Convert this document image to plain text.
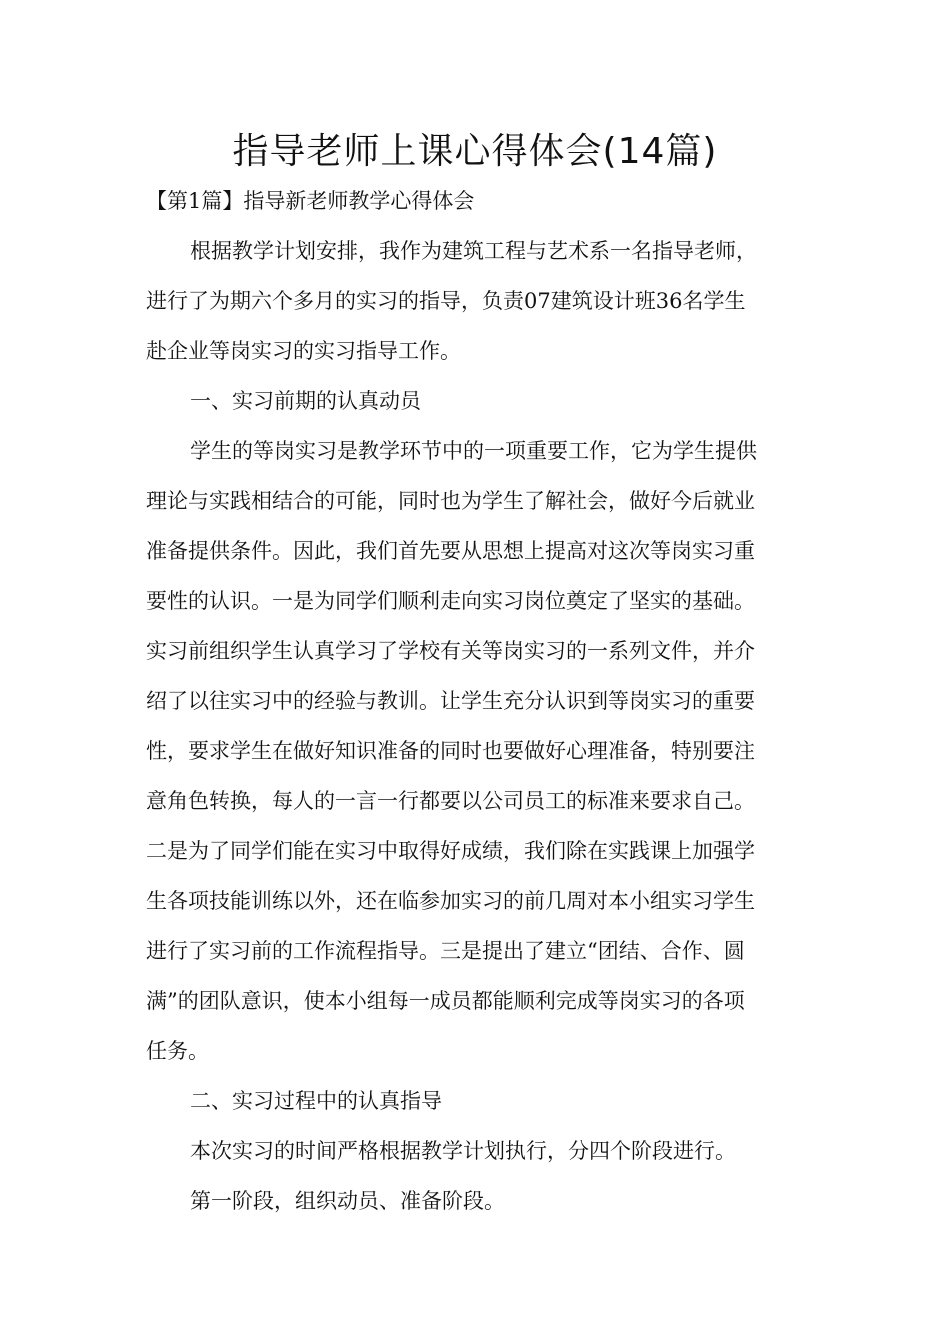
指导老师上课心得体会(14篇)
【第1篇】指导新老师教学心得体会
根据教学计划安排，我作为建筑工程与艺术系一名指导老师，
进行了为期六个多月的实习的指导，负责07建筑设计班36名学生
赴企业等岗实习的实习指导工作。
一、实习前期的认真动员
学生的等岗实习是教学环节中的一项重要工作，它为学生提供
理论与实践相结合的可能，同时也为学生了解社会，做好今后就业
准备提供条件。因此，我们首先要从思想上提高对这次等岗实习重
要性的认识。一是为同学们顺利走向实习岗位奠定了坚实的基础。
实习前组织学生认真学习了学校有关等岗实习的一系列文件，并介
绍了以往实习中的经验与教训。让学生充分认识到等岗实习的重要
性，要求学生在做好知识准备的同时也要做好心理准备，特别要注
意角色转换，每人的一言一行都要以公司员工的标准来要求自己。
二是为了同学们能在实习中取得好成绩，我们除在实践课上加强学
生各项技能训练以外，还在临参加实习的前几周对本小组实习学生
进行了实习前的工作流程指导。三是提出了建立“团结、合作、圆
满”的团队意识，使本小组每一成员都能顺利完成等岗实习的各项
任务。
二、实习过程中的认真指导
本次实习的时间严格根据教学计划执行，分四个阶段进行。
第一阶段，组织动员、准备阶段。
